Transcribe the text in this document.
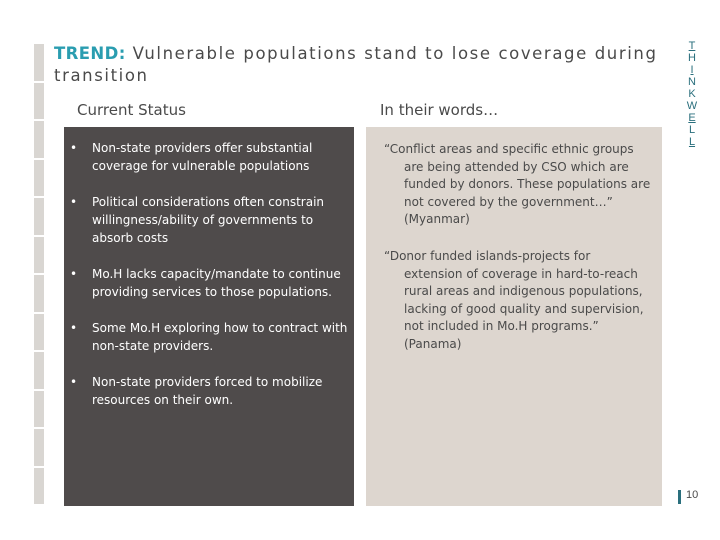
TREND: Vulnerable populations stand to lose coverage during transition
T
H
I
N
K
W
E
L
L
Current Status	In their words…
• Non-state providers offer substantial coverage for vulnerable populations
• Political considerations often constrain willingness/ability of governments to absorb costs
• Mo.H lacks capacity/mandate to continue providing services to those populations.
• Some Mo.H exploring how to contract with non-state providers.
• Non-state providers forced to mobilize resources on their own.
“Conflict areas and specific ethnic groups
are being attended by CSO which are funded by donors. These populations are not covered by the government…” (Myanmar)
“Donor funded islands-projects for
extension of coverage in hard-to-reach rural areas and indigenous populations, lacking of good quality and supervision, not included in Mo.H programs.” (Panama)
10
